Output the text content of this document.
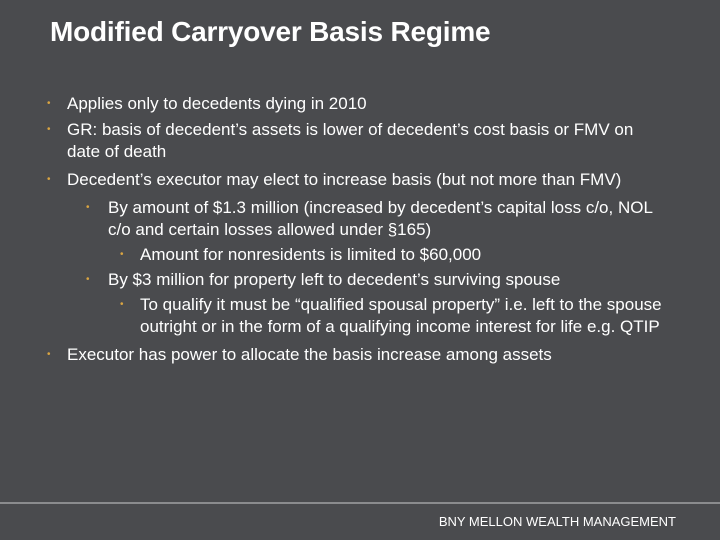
Modified Carryover Basis Regime
• Applies only to decedents dying in 2010
• GR: basis of decedent’s assets is lower of decedent’s cost basis or FMV on date of death
• Decedent’s executor may elect to increase basis (but not more than FMV)
• By amount of $1.3 million (increased by decedent’s capital loss c/o, NOL c/o and certain losses allowed under §165)
• Amount for nonresidents is limited to $60,000
• By $3 million for property left to decedent’s surviving spouse
• To qualify it must be “qualified spousal property” i.e. left to the spouse outright or in the form of a qualifying income interest for life e.g. QTIP
• Executor has power to allocate the basis increase among assets
BNY MELLON WEALTH MANAGEMENT
